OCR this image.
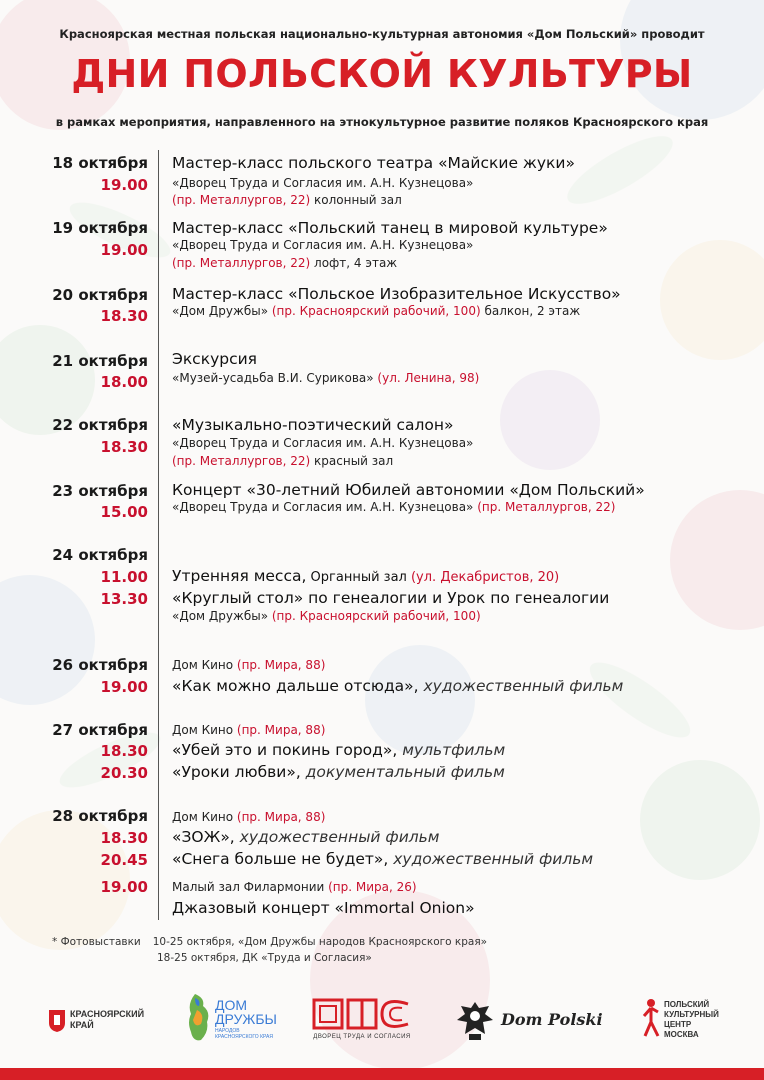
Красноярская местная польская национально-культурная автономия «Дом Польский» проводит
ДНИ ПОЛЬСКОЙ КУЛЬТУРЫ
в рамках мероприятия, направленного на этнокультурное развитие поляков Красноярского края
18 октября
19.00
Мастер-класс польского театра «Майские жуки»
«Дворец Труда и Согласия им. А.Н. Кузнецова»
(пр. Металлургов, 22) колонный зал
19 октября
19.00
Мастер-класс «Польский танец в мировой культуре»
«Дворец Труда и Согласия им. А.Н. Кузнецова»
(пр. Металлургов, 22) лофт, 4 этаж
20 октября
18.30
Мастер-класс «Польское Изобразительное Искусство»
«Дом Дружбы» (пр. Красноярский рабочий, 100) балкон, 2 этаж
21 октября
18.00
Экскурсия
«Музей-усадьба В.И. Сурикова» (ул. Ленина, 98)
22 октября
18.30
«Музыкально-поэтический салон»
«Дворец Труда и Согласия им. А.Н. Кузнецова»
(пр. Металлургов, 22) красный зал
23 октября
15.00
Концерт «30-летний Юбилей автономии «Дом Польский»
«Дворец Труда и Согласия им. А.Н. Кузнецова» (пр. Металлургов, 22)
24 октября
11.00 Утренняя месса, Органный зал (ул. Декабристов, 20)
13.30 «Круглый стол» по генеалогии и Урок по генеалогии
«Дом Дружбы» (пр. Красноярский рабочий, 100)
26 октября Дом Кино (пр. Мира, 88)
19.00 «Как можно дальше отсюда», художественный фильм
27 октября Дом Кино (пр. Мира, 88)
18.30 «Убей это и покинь город», мультфильм
20.30 «Уроки любви», документальный фильм
28 октября Дом Кино (пр. Мира, 88)
18.30 «ЗОЖ», художественный фильм
20.45 «Снега больше не будет», художественный фильм
19.00 Малый зал Филармонии (пр. Мира, 26)
Джазовый концерт «Immortal Onion»
* Фотовыставки 10-25 октября, «Дом Дружбы народов Красноярского края»
18-25 октября, ДК «Труда и Согласия»
КРАСНОЯРСКИЙ
КРАЙ
ДОМ
ДРУЖБЫ
НАРОДОВ КРАСНОЯРСКОГО КРАЯ	ДВОРЕЦ ТРУДА И СОГЛАСИЯ
Dom Polski
ПОЛЬСКИЙ
КУЛЬТУРНЫЙ ЦЕНТР
МОСКВА
